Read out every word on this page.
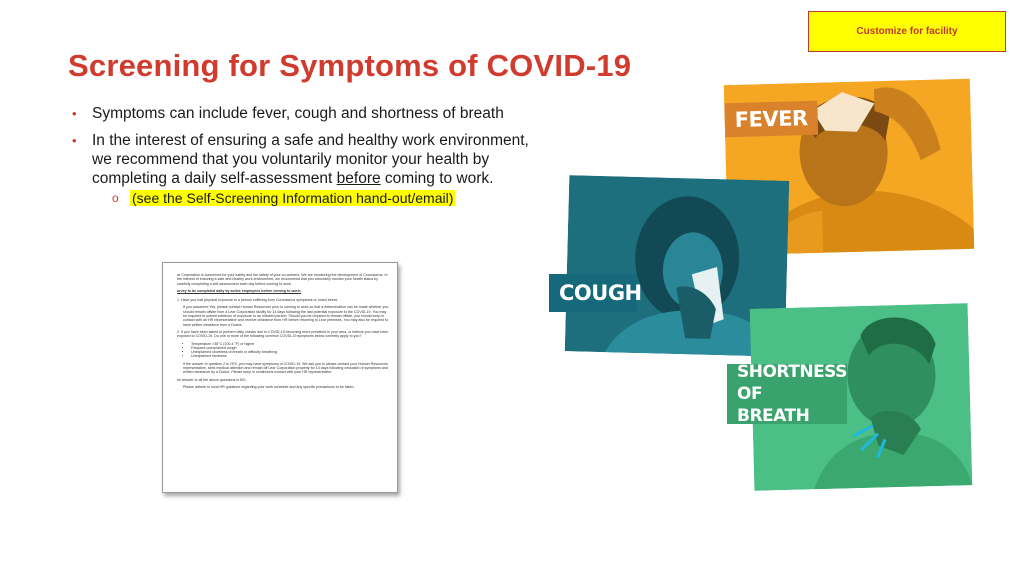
Customize for facility
Screening for Symptoms of COVID-19
• Symptoms can include fever, cough and shortness of breath
• In the interest of ensuring a safe and healthy work environment, we recommend that you voluntarily monitor your health by completing a daily self-assessment before coming to work.
o (see the Self-Screening Information hand-out/email)

ar Corporation is concerned for your safety and the safety of your co-workers. We are monitoring the development of Coronavirus. In the interest of ensuring a safe and healthy work environment, we recommend that you voluntarily monitor your health status by carefully completing a self-assessment each day before coming to work.

urvey to be completed daily by active employees before coming to work:

1. Have you had physical exposure to a person suffering from Coronavirus symptoms or noted below.

If you answered Yes, please contact Human Resources prior to coming to work so that a determination can be made whether you should remain offsite from a Lear Corporation facility for 14 days following the last potential exposure to the COVID-19. You may be required to submit evidence of exposure to an infected person. Should you be required to remain offsite, you should keep in contact with an HR representative and receive clearance from HR before returning to Lear premises. You may also be required to have written clearance from a Doctor.

2. If you have been asked to perform daily checks due to COVID-19 becoming more prevalent in your area, or believe you have been exposed to COVID-19. Do one or more of the following common COVID-19 symptoms below currently apply to you?

• Temperature >38°C (100.4 °F) or higher
• Frequent unexplained cough
• Unexplained shortness of breath or difficulty breathing
• Unexplained tiredness

If the answer to question 2 is YES, you may have symptoms of COVID-19. We ask you to please contact your Human Resources representative, seek medical attention and remain off Lear Corporation property for 14 days following cessation of symptoms and written clearance by a Doctor. Please keep in continuous contact with your HR representative.

he answer to all the above questions is NO:

Please adhere to local HR guidance regarding your work schedule and any specific precautions to be taken.

FEVER
COUGH
SHORTNESS
OF BREATH
